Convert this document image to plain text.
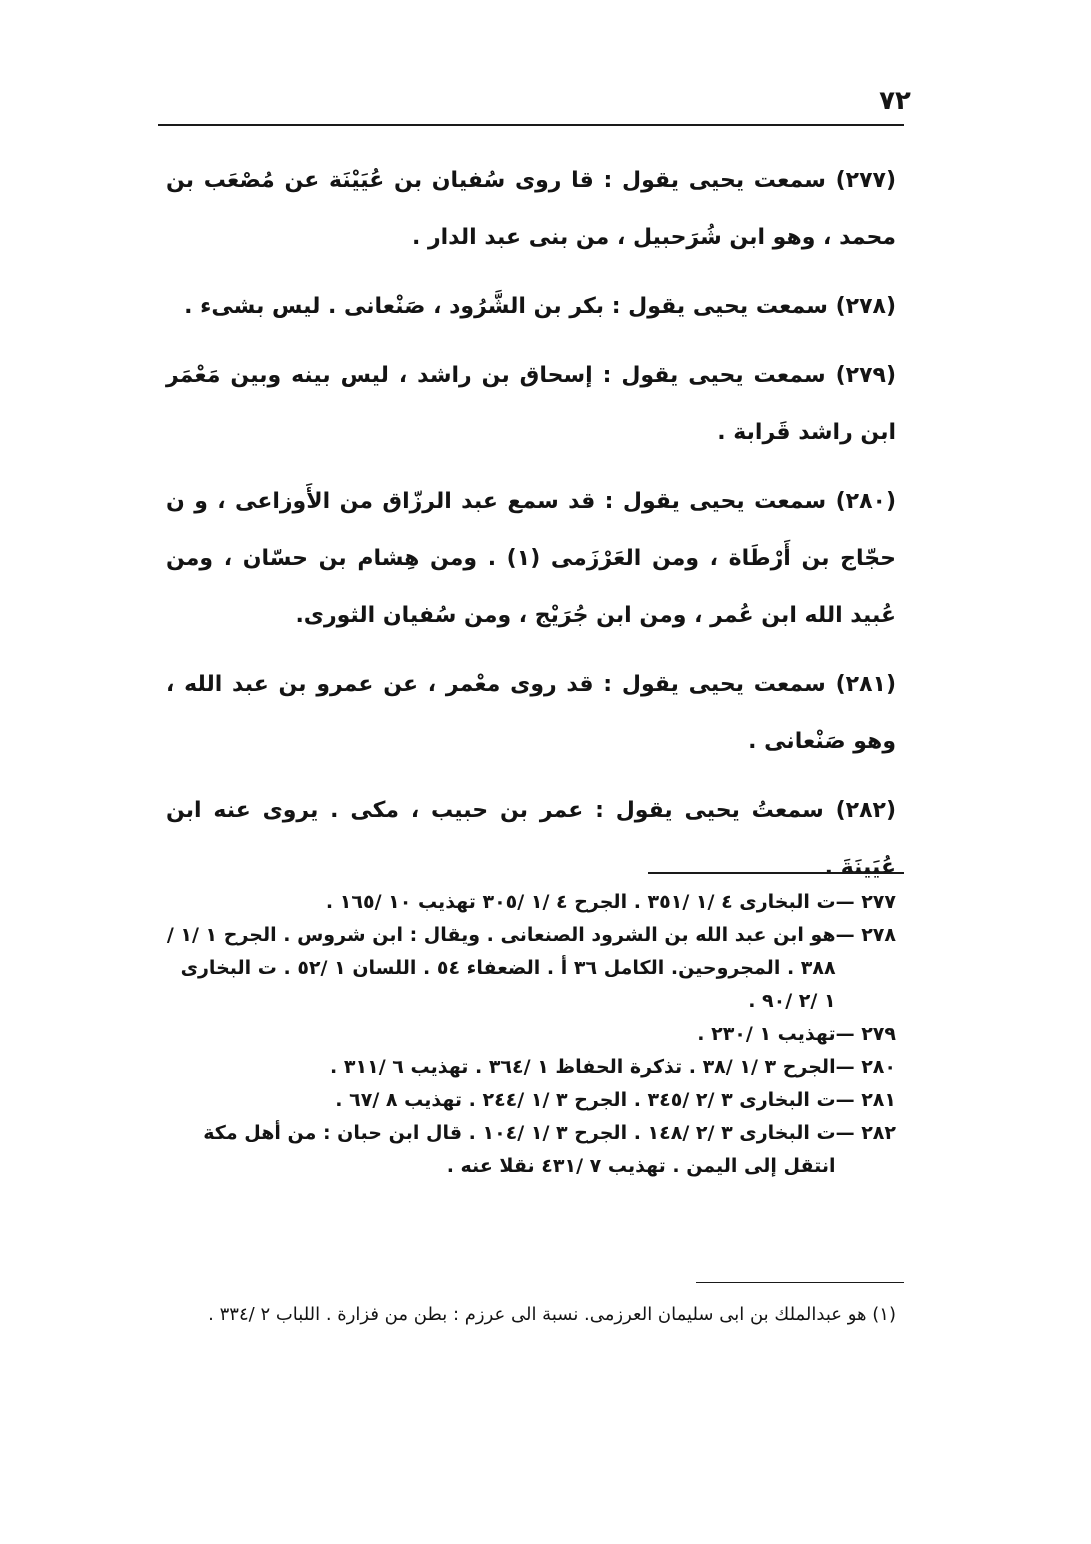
٧٢

(٢٧٧) سمعت يحيى يقول : قا روى سُفيان بن عُيَيْنَة عن مُصْعَب بن محمد ، وهو ابن شُرَحبيل ، من بنى عبد الدار .

(٢٧٨) سمعت يحيى يقول : بكر بن الشَّرُود ، صَنْعانى . ليس بشىء .

(٢٧٩) سمعت يحيى يقول : إسحاق بن راشد ، ليس بينه وبين مَعْمَر ابن راشد قَرابة .

(٢٨٠) سمعت يحيى يقول : قد سمع عبد الرزّاق من الأَوزاعى ، و ن حجّاج بن أَرْطَاة ، ومن العَرْزَمى (١) . ومن هِشام بن حسّان ، ومن عُبيد الله ابن عُمر ، ومن ابن جُرَيْج ، ومن سُفيان الثورى.

(٢٨١) سمعت يحيى يقول : قد روى معْمر ، عن عمرو بن عبد الله ، وهو صَنْعانى .

(٢٨٢) سمعتُ يحيى يقول : عمر بن حبيب ، مكى . يروى عنه ابن عُيَينَةَ .

٢٧٧ —
ت البخارى ٤ /١ /٣٥١ . الجرح ٤ /١ /٣٠٥ تهذيب ١٠ /١٦٥ .
٢٧٨ —
هو ابن عبد الله بن الشرود الصنعانى . ويقال : ابن شروس . الجرح ١ /١ /٣٨٨ . المجروحين. الكامل ٣٦ أ . الضعفاء ٥٤ . اللسان ١ /٥٢ . ت البخارى ١ /٢ /٩٠ .
٢٧٩ —
تهذيب ١ /٢٣٠ .
٢٨٠ —
الجرح ٣ /١ /٣٨ . تذكرة الحفاظ ١ /٣٦٤ . تهذيب ٦ /٣١١ .
٢٨١ —
ت البخارى ٣ /٢ /٣٤٥ . الجرح ٣ /١ /٢٤٤ . تهذيب ٨ /٦٧ .
٢٨٢ —
ت البخارى ٣ /٢ /١٤٨ . الجرح ٣ /١ /١٠٤ . قال ابن حبان : من أهل مكة انتقل إلى اليمن . تهذيب ٧ /٤٣١ نقلا عنه .
(١) هو عبدالملك بن ابى سليمان العرزمى. نسبة الى عرزم : بطن من فزارة . اللباب ٢ /٣٣٤ .
